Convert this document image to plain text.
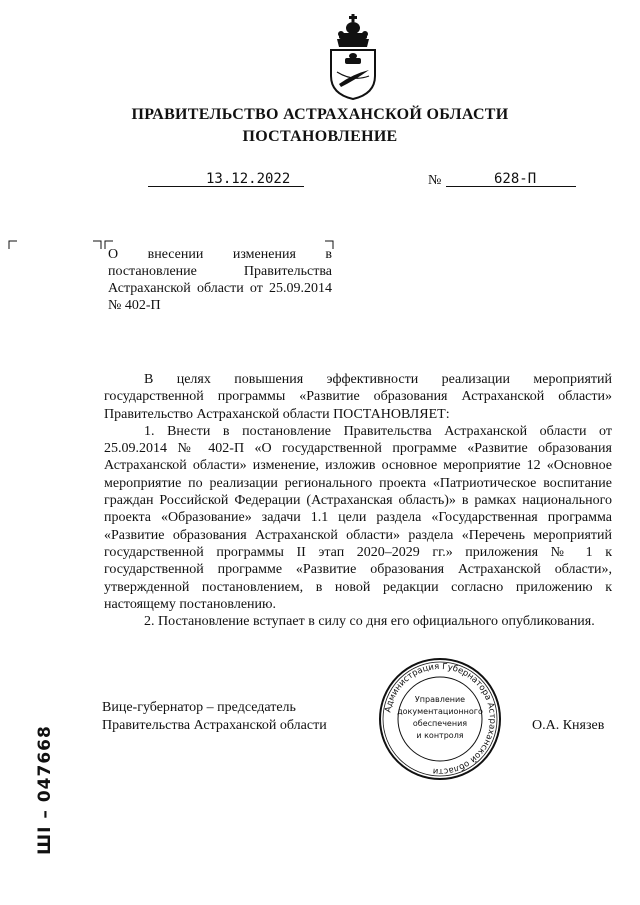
ПРАВИТЕЛЬСТВО АСТРАХАНСКОЙ ОБЛАСТИ
ПОСТАНОВЛЕНИЕ
13.12.2022	№	628-П
О внесении изменения в постановление Правительства Астраханской области от 25.09.2014 № 402-П

В целях повышения эффективности реализации мероприятий государственной программы «Развитие образования Астраханской области» Правительство Астраханской области ПОСТАНОВЛЯЕТ:

1. Внести в постановление Правительства Астраханской области от 25.09.2014 № 402-П «О государственной программе «Развитие образования Астраханской области» изменение, изложив основное мероприятие 12 «Основное мероприятие по реализации регионального проекта «Патриотическое воспитание граждан Российской Федерации (Астраханская область)» в рамках национального проекта «Образование» задачи 1.1 цели раздела «Государственная программа «Развитие образования Астраханской области» раздела «Перечень мероприятий государственной программы II этап 2020–2029 гг.» приложения № 1 к государственной программе «Развитие образования Астраханской области», утвержденной постановлением, в новой редакции согласно приложению к настоящему постановлению.

2. Постановление вступает в силу со дня его официального опубликования.

Вице-губернатор – председатель
Правительства Астраханской области	О.А. Князев
Администрация Губернатора Астраханской области
Управление
документационного
обеспечения
и контроля
ШI – 047668
